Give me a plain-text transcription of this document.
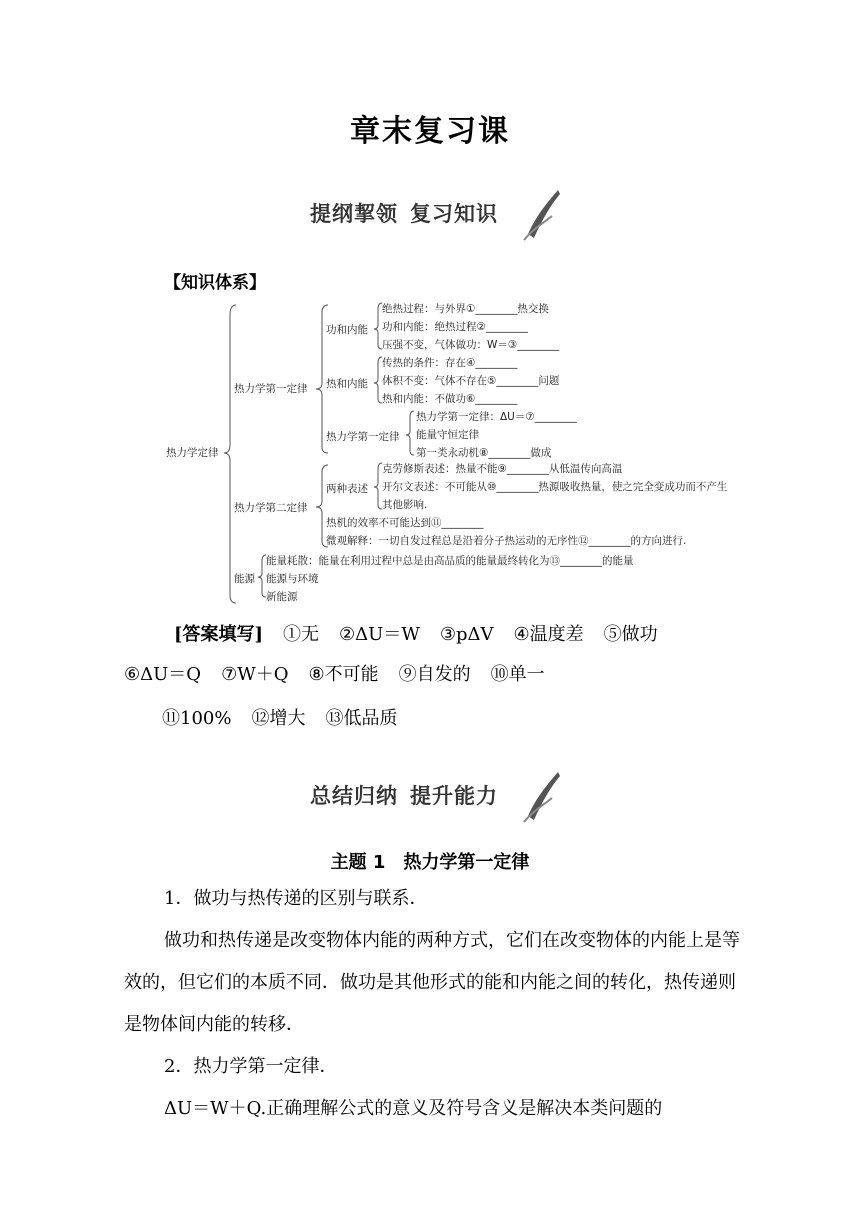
章末复习课
提纲挈领 复习知识
【知识体系】
热力学定律
热力学第一定律
功和内能
绝热过程：与外界①________热交换
功和内能：绝热过程②________
压强不变，气体做功：W＝③________
热和内能
传热的条件：存在④________
体积不变：气体不存在⑤________问题
热和内能：不做功⑥________
热力学第一定律
热力学第一定律：ΔU＝⑦________
能量守恒定律
第一类永动机⑧________做成
热力学第二定律
两种表述
克劳修斯表述：热量不能⑨________从低温传向高温
开尔文表述：不可能从⑩________热源吸收热量，使之完全变成功而不产生
其他影响.
热机的效率不可能达到⑪________
微观解释：一切自发过程总是沿着分子热运动的无序性⑫________的方向进行.
能源
能量耗散：能量在利用过程中总是由高品质的能量最终转化为⑬________的能量
能源与环境
新能源
[答案填写] ①无 ②ΔU＝W ③pΔV ④温度差 ⑤做功
⑥ΔU＝Q ⑦W＋Q ⑧不可能 ⑨自发的 ⑩单一
⑪100% ⑫增大 ⑬低品质
总结归纳 提升能力
主题 1　热力学第一定律
1．做功与热传递的区别与联系．
做功和热传递是改变物体内能的两种方式，它们在改变物体的内能上是等效的，但它们的本质不同．做功是其他形式的能和内能之间的转化，热传递则是物体间内能的转移．
2．热力学第一定律．
ΔU＝W＋Q.正确理解公式的意义及符号含义是解决本类问题的
